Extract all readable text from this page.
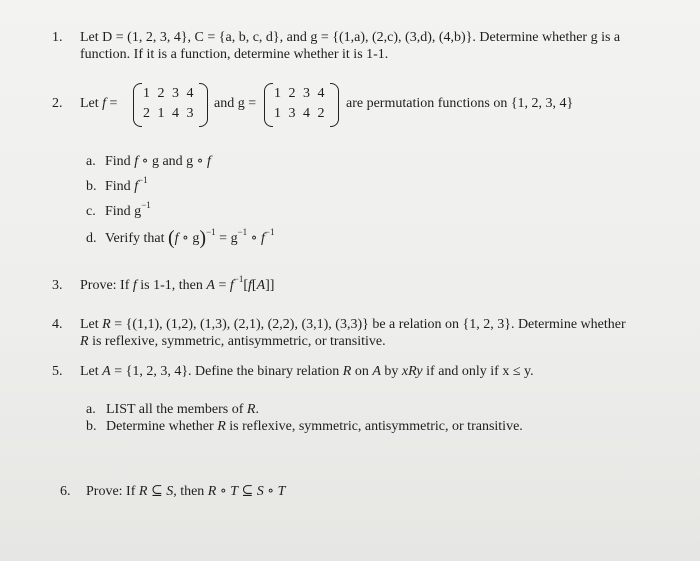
1. Let D = (1, 2, 3, 4}, C = {a, b, c, d}, and g = {(1,a), (2,c), (3,d), (4,b)}. Determine whether g is a
function. If it is a function, determine whether it is 1-1.
2. Let f =
1 2 3 4
2 1 4 3
and g =
1 2 3 4
1 3 4 2
are permutation functions on {1, 2, 3, 4}
a. Find f ∘ g and g ∘ f
b. Find $f^{-1}$
c. Find $g^{-1}$
d. Verify that (f ∘ $g)^{-1} = g^{-1}$ ∘ $f^{-1}$
3. Prove: If f is 1-1, then $A = f^{-1}[f[A]]$
4. Let R = {(1,1), (1,2), (1,3), (2,1), (2,2), (3,1), (3,3)} be a relation on {1, 2, 3}. Determine whether
R is reflexive, symmetric, antisymmetric, or transitive.
5. Let A = {1, 2, 3, 4}. Define the binary relation R on A by xRy if and only if x ≤ y.
a. LIST all the members of R.
b. Determine whether R is reflexive, symmetric, antisymmetric, or transitive.
6. Prove: If R ⊆ S, then R ∘ T ⊆ S ∘ T
